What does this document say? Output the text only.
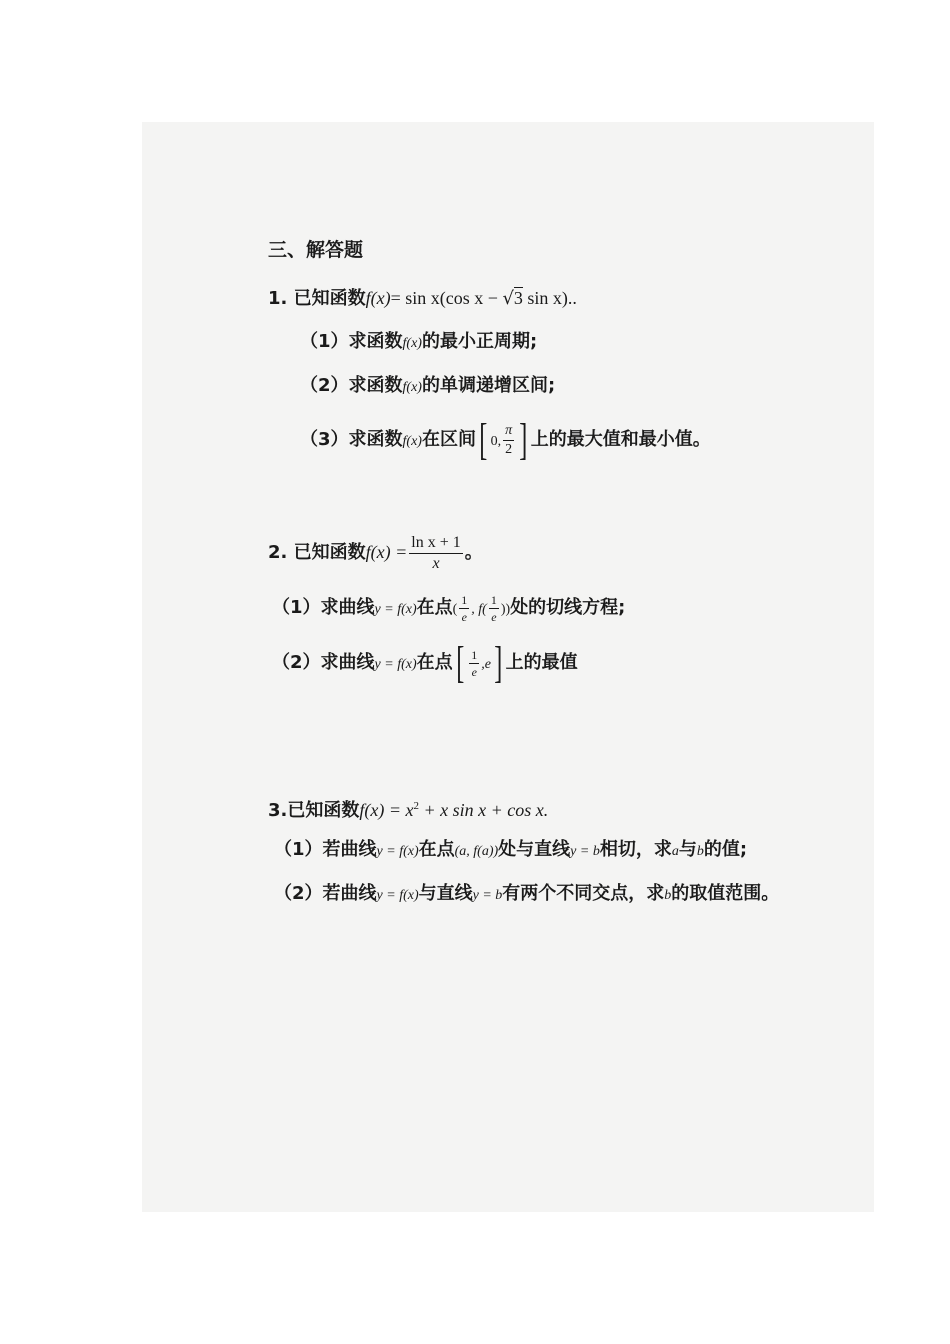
三、解答题
1. 已知函数f(x)= sin x(cos x − √3 sin x)..
（1）求函数f(x)的最小正周期;
（2）求函数f(x)的单调递增区间;
（3）求函数f(x)在区间[ 0, $\frac{\pi}{2}$ ] 上的最大值和最小值。
2. 已知函数$f(x) = \frac{\text{ln x + 1}}{x}$ 。
（1）求曲线y = f(x)在点( $\frac{1}{e}$ , $f( \frac{1}{e}$ ))处的切线方程;
（2）求曲线y = f(x)在点[ $\frac{1}{e} ,e$] 上的最值
3.已知函数$f(x) = x^2 + x$ sin x + cos x.
（1）若曲线y = f(x)在点(a, f(a))处与直线y = b相切，求a与b的值;
（2）若曲线y = f(x)与直线y = b有两个不同交点，求b的取值范围。
